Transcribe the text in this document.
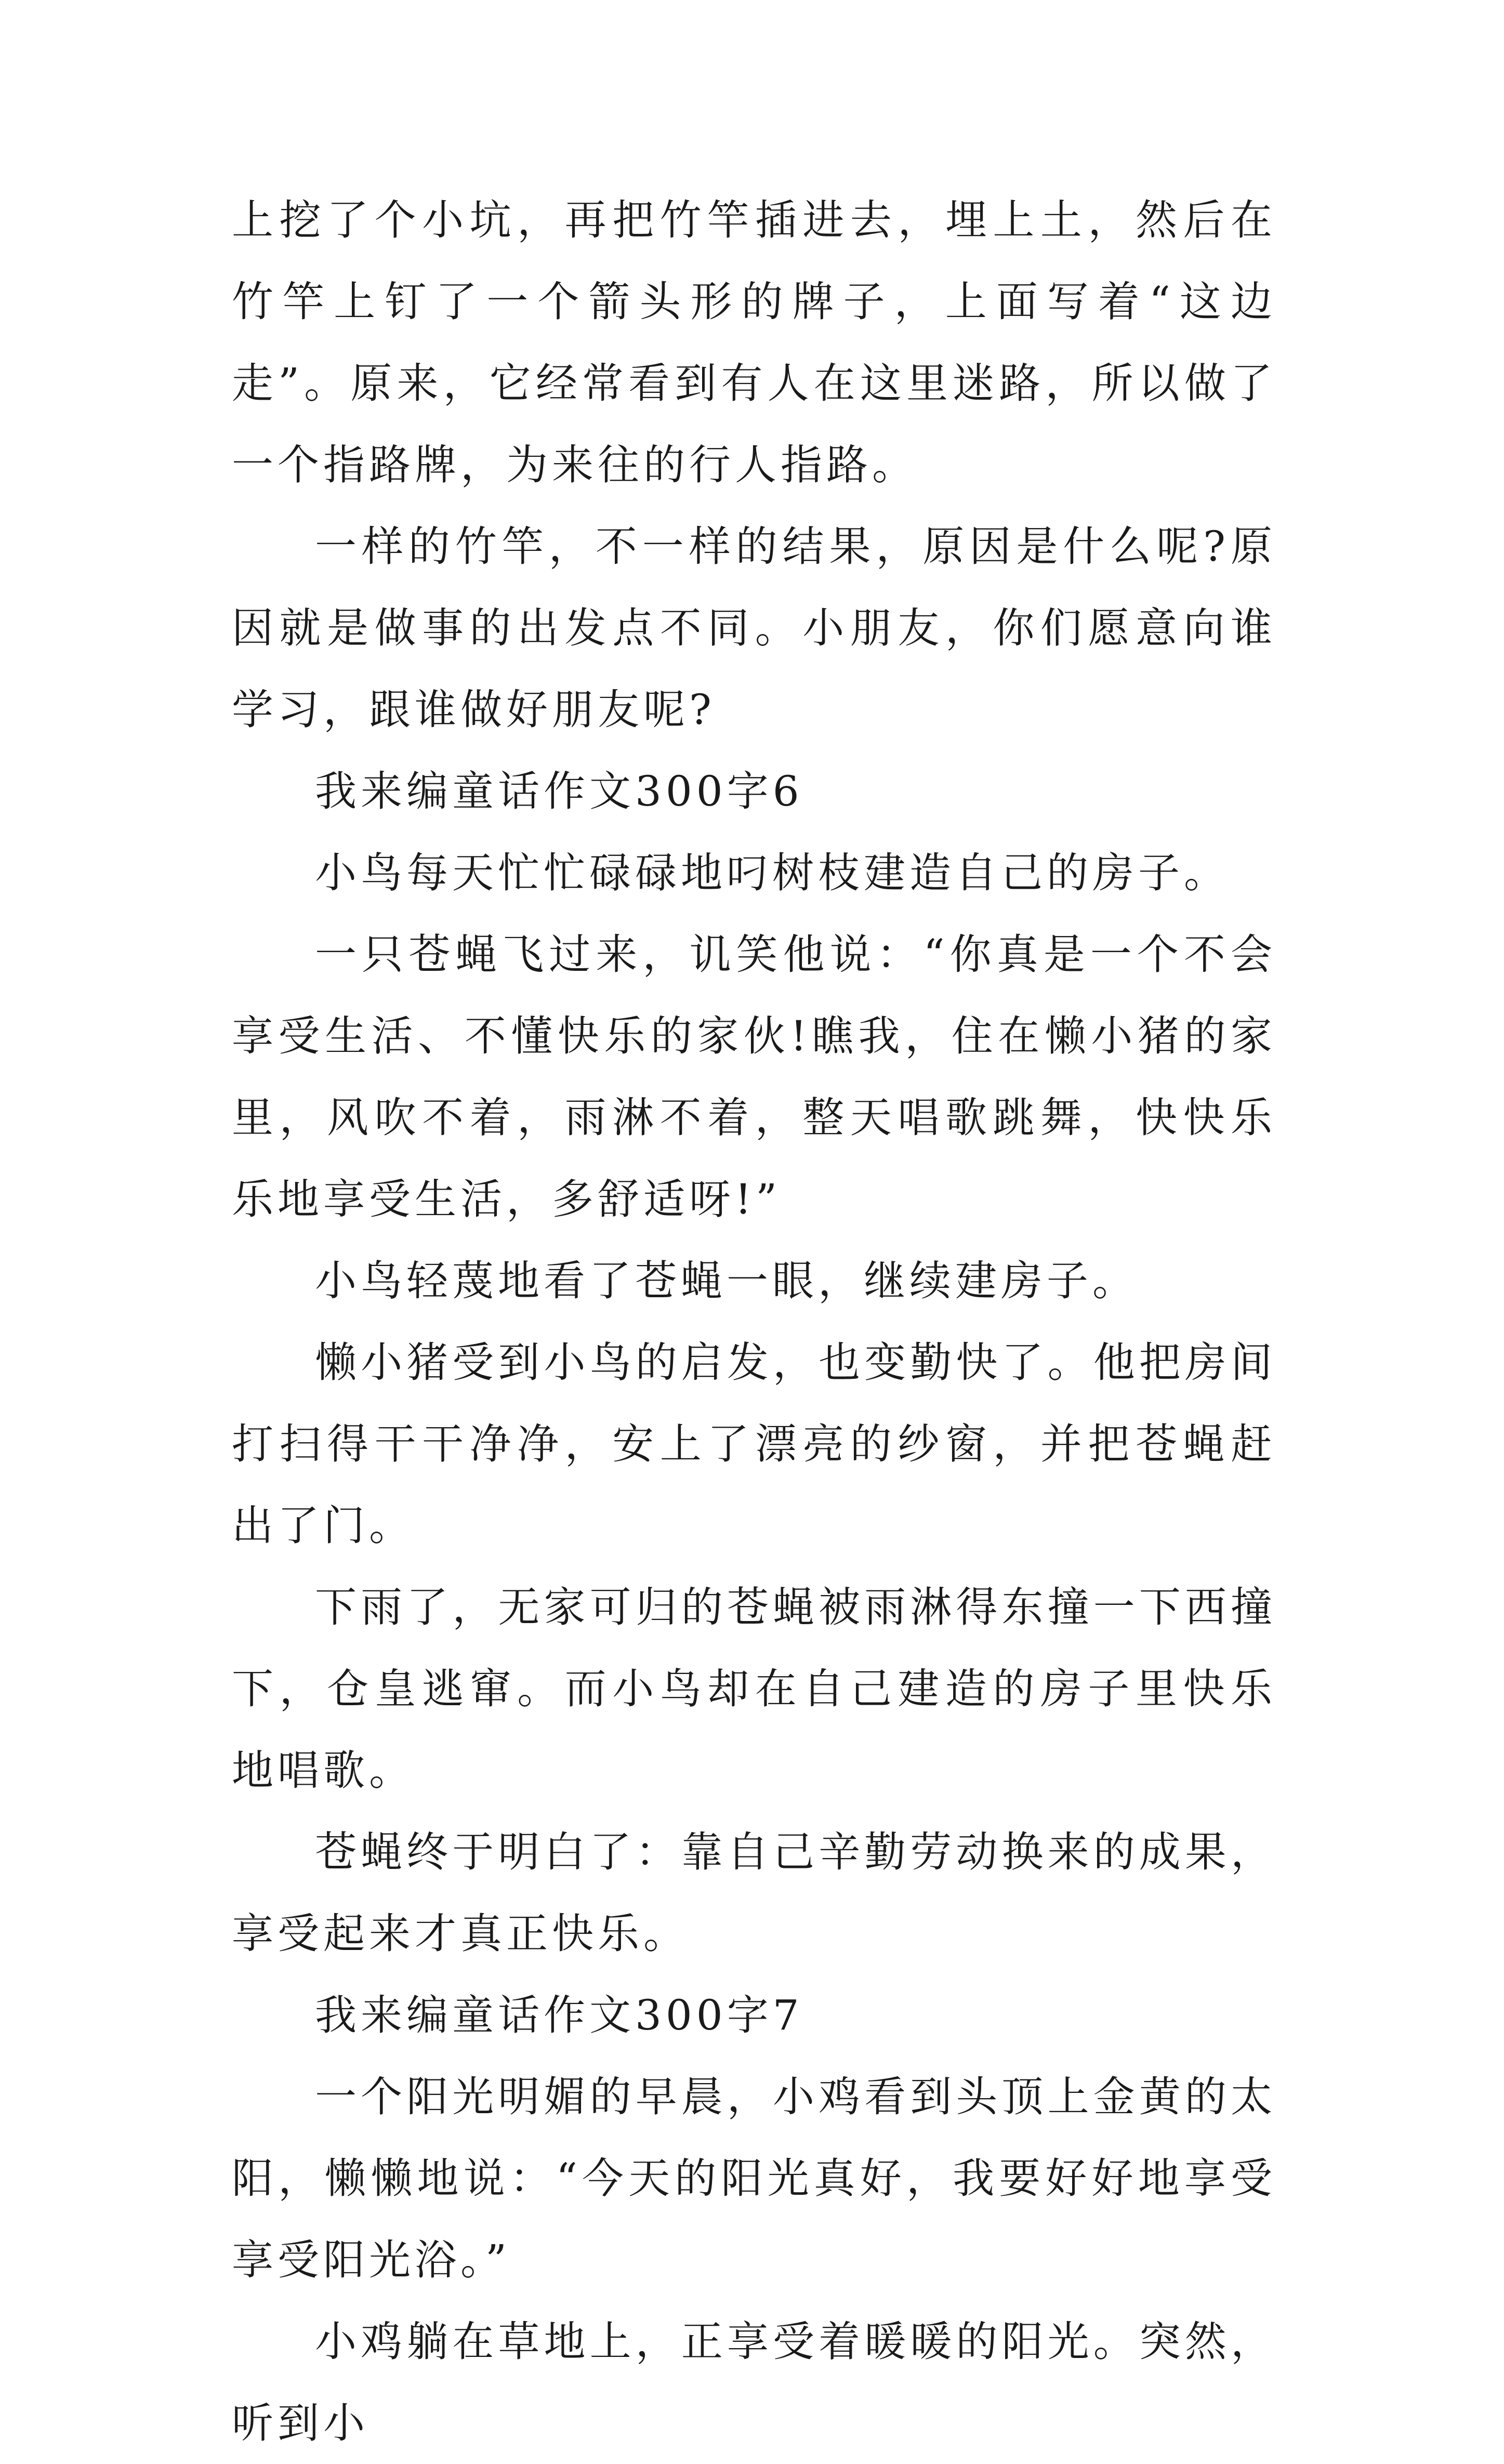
上挖了个小坑，再把竹竿插进去，埋上土，然后在竹竿上钉了一个箭头形的牌子，上面写着“这边走”。原来，它经常看到有人在这里迷路，所以做了一个指路牌，为来往的行人指路。

一样的竹竿，不一样的结果，原因是什么呢?原因就是做事的出发点不同。小朋友，你们愿意向谁学习，跟谁做好朋友呢?

我来编童话作文300字6

小鸟每天忙忙碌碌地叼树枝建造自己的房子。

一只苍蝇飞过来，讥笑他说：“你真是一个不会享受生活、不懂快乐的家伙!瞧我，住在懒小猪的家里，风吹不着，雨淋不着，整天唱歌跳舞，快快乐乐地享受生活，多舒适呀!”

小鸟轻蔑地看了苍蝇一眼，继续建房子。

懒小猪受到小鸟的启发，也变勤快了。他把房间打扫得干干净净，安上了漂亮的纱窗，并把苍蝇赶出了门。

下雨了，无家可归的苍蝇被雨淋得东撞一下西撞下，仓皇逃窜。而小鸟却在自己建造的房子里快乐地唱歌。

苍蝇终于明白了：靠自己辛勤劳动换来的成果，享受起来才真正快乐。

我来编童话作文300字7

一个阳光明媚的早晨，小鸡看到头顶上金黄的太阳，懒懒地说：“今天的阳光真好，我要好好地享受享受阳光浴。”

小鸡躺在草地上，正享受着暖暖的阳光。突然，听到小
